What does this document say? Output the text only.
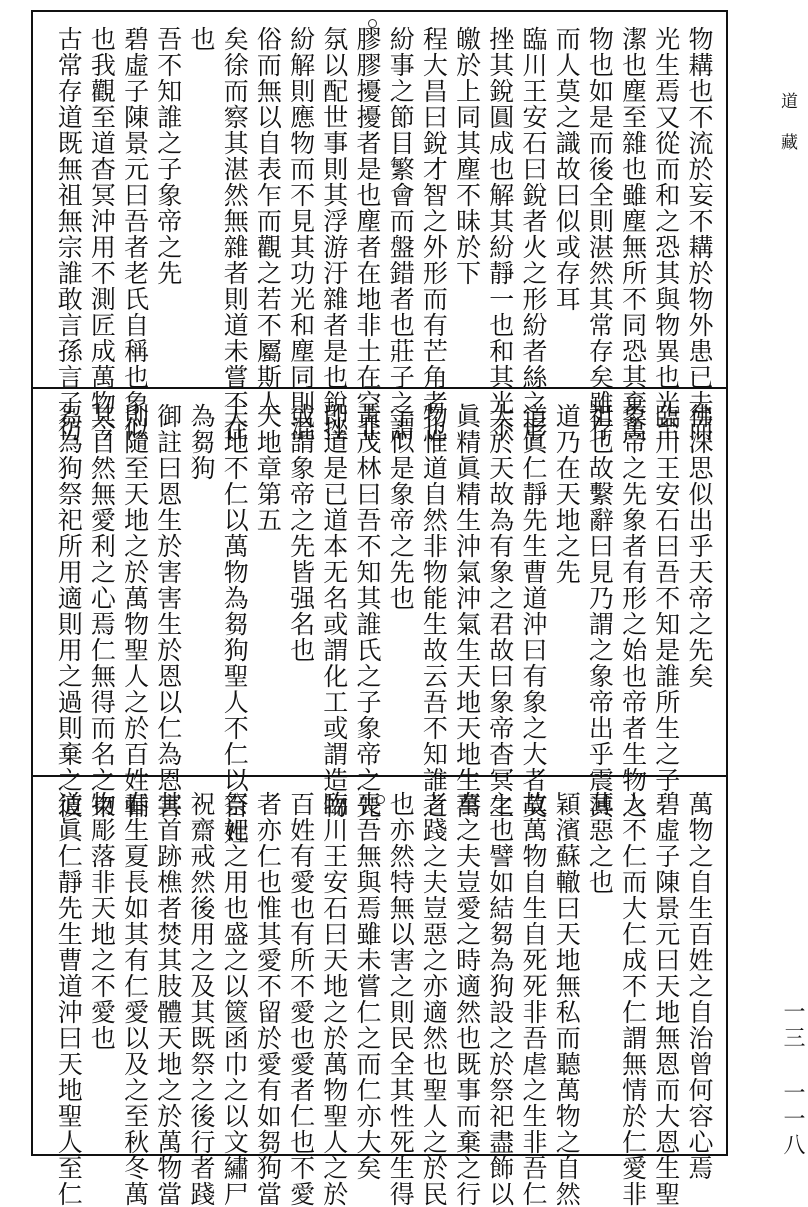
物耩也不流於妄不耩於物外患已去而
光生焉又從而和之恐其與物異也光至
潔也塵至雜也雖塵無所不同恐其棄萬
物也如是而後全則湛然其常存矣雖存
而人莫之識故曰似或存耳
臨川王安石曰銳者火之形紛者絲之形
挫其銳圓成也解其紛靜一也和其光不
皦於上同其塵不昧於下
程大昌曰銳才智之外形而有芒角者也
紛事之節目繁會而盤錯者也莊子之謂
膠膠擾擾者是也塵者在地非土在空非
氛以配世事則其浮游汙雜者是也銳挫
紛解則應物而不見其功光和塵同則混
俗而無以自表乍而觀之若不屬斯人
矣徐而察其湛然無雜者則道未嘗不在
也
吾不知誰之子象帝之先
碧虛子陳景元曰吾者老氏自稱也象似
也我觀至道杳冥沖用不測匠成萬物今
古常存道既無祖無宗誰敢言孫言子彷
彿深思似出乎天帝之先矣
臨川王安石曰吾不知是誰所生之子
象帝之先象者有形之始也帝者生物之
祖也故繫辭曰見乃謂之象帝出乎震其
道乃在天地之先
道眞仁靜先生曹道沖曰有象之大者莫
大於天故為有象之君故曰象帝杳冥生
眞精眞精生沖氣沖氣生天地天地生萬
物惟道自然非物能生故云吾不知誰之
子似是象帝之先也
黃茂林曰吾不知其誰氏之子象帝之先
即道是已道本无名或謂化工或謂造物
或謂象帝之先皆强名也
天地章第五
天地不仁以萬物為芻狗聖人不仁以百姓
為芻狗
御註曰恩生於害害生於恩以仁為恩害
則隨至天地之於萬物聖人之於百姓輔
其自然無愛利之心焉仁無得而名之束
芻為狗祭祀所用適則用之過則棄之彼
萬物之自生百姓之自治曾何容心焉
碧虛子陳景元曰天地無恩而大恩生聖
人不仁而大仁成不仁謂無情於仁愛非
薄惡之也
穎濱蘇轍曰天地無私而聽萬物之自然
故萬物自生自死死非吾虐之生非吾仁
之也譬如結芻為狗設之於祭祀盡飾以
奉之夫豈愛之時適然也既事而棄之行
者踐之夫豈惡之亦適然也聖人之於民
也亦然特無以害之則民全其性死生得
喪吾無與焉雖未嘗仁之而仁亦大矣
臨川王安石曰天地之於萬物聖人之於
百姓有愛也有所不愛也愛者仁也不愛
者亦仁也惟其愛不留於愛有如芻狗當
祭祀之用也盛之以篋函巾之以文繡尸
祝齋戒然後用之及其既祭之後行者踐
其首跡樵者焚其肢體天地之於萬物當
春生夏長如其有仁愛以及之至秋冬萬
物彫落非天地之不愛也
道眞仁靜先生曹道沖曰天地聖人至仁
道藏
一三 一一八
